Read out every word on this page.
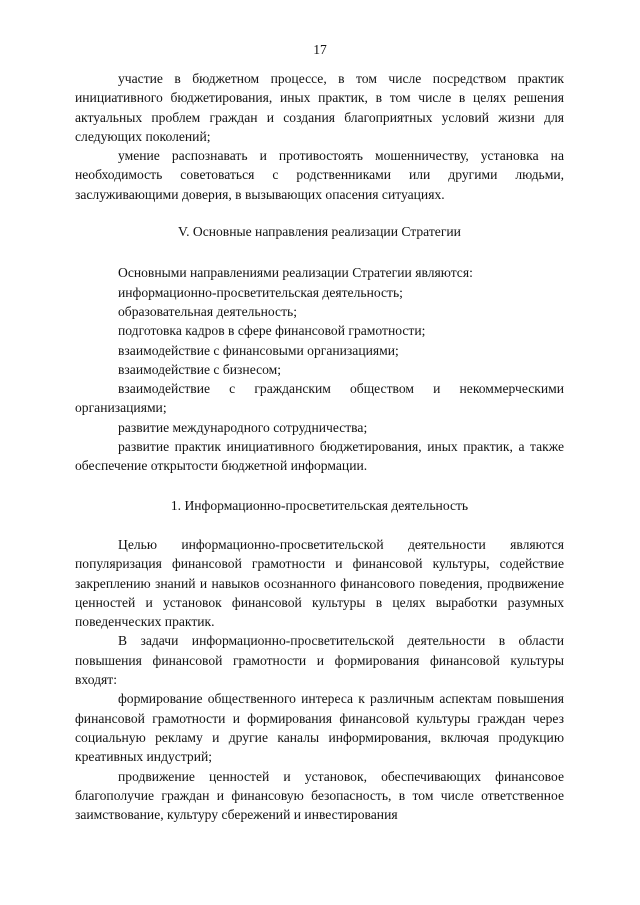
17

участие в бюджетном процессе, в том числе посредством практик инициативного бюджетирования, иных практик, в том числе в целях решения актуальных проблем граждан и создания благоприятных условий жизни для следующих поколений;

умение распознавать и противостоять мошенничеству, установка на необходимость советоваться с родственниками или другими людьми, заслуживающими доверия, в вызывающих опасения ситуациях.

V. Основные направления реализации Стратегии

Основными направлениями реализации Стратегии являются:

информационно-просветительская деятельность;

образовательная деятельность;

подготовка кадров в сфере финансовой грамотности;

взаимодействие с финансовыми организациями;

взаимодействие с бизнесом;

взаимодействие с гражданским обществом и некоммерческими организациями;

развитие международного сотрудничества;

развитие практик инициативного бюджетирования, иных практик, а также обеспечение открытости бюджетной информации.

1. Информационно-просветительская деятельность

Целью информационно-просветительской деятельности являются популяризация финансовой грамотности и финансовой культуры, содействие закреплению знаний и навыков осознанного финансового поведения, продвижение ценностей и установок финансовой культуры в целях выработки разумных поведенческих практик.

В задачи информационно-просветительской деятельности в области повышения финансовой грамотности и формирования финансовой культуры входят:

формирование общественного интереса к различным аспектам повышения финансовой грамотности и формирования финансовой культуры граждан через социальную рекламу и другие каналы информирования, включая продукцию креативных индустрий;

продвижение ценностей и установок, обеспечивающих финансовое благополучие граждан и финансовую безопасность, в том числе ответственное заимствование, культуру сбережений и инвестирования
